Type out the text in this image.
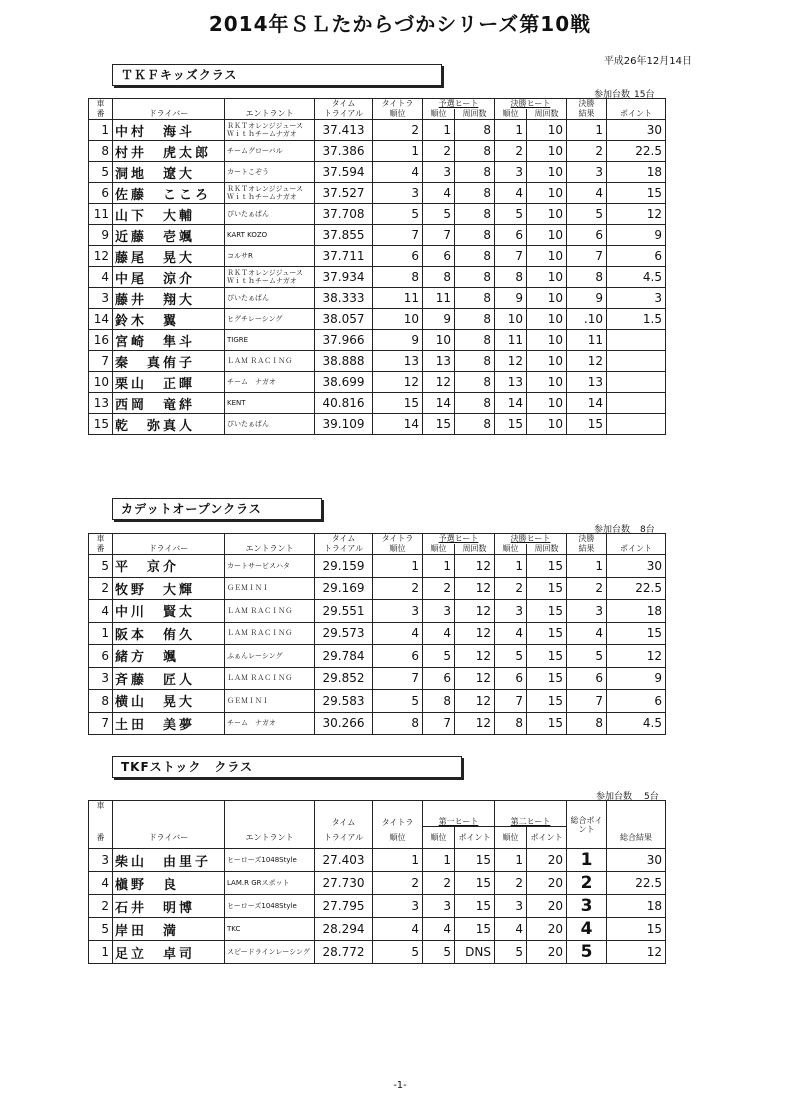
2014年ＳＬたからづかシリーズ第10戦
平成26年12月14日
ＴＫＦキッズクラス
参加台数 15台
車			タイム	タイトラ	予選ヒート		決勝ヒート		決勝	
番	ドライバー	エントラント	トライアル	順位	順位	周回数	順位	周回数	結果	ポイント
1	中村　海斗	ＲＫＴオレンジジュース Ｗｉｔｈチームナガオ	37.413	2	1	8	1	10	1	30
8	村井　虎太郎	チームグローバル	37.386	1	2	8	2	10	2	22.5
5	洞地　遼大	カートこぞう	37.594	4	3	8	3	10	3	18
6	佐藤　こころ	ＲＫＴオレンジジュース Ｗｉｔｈチームナガオ	37.527	3	4	8	4	10	4	15
11	山下　大輔	ぴいたぁぱん	37.708	5	5	8	5	10	5	12
9	近藤　壱颯	KART KOZO	37.855	7	7	8	6	10	6	9
12	藤尾　晃大	コルサR	37.711	6	6	8	7	10	7	6
4	中尾　涼介	ＲＫＴオレンジジュース Ｗｉｔｈチームナガオ	37.934	8	8	8	8	10	8	4.5
3	藤井　翔大	ぴいたぁぱん	38.333	11	11	8	9	10	9	3
14	鈴木　翼	ヒグチレーシング	38.057	10	9	8	10	10	.10	1.5
16	宮崎　隼斗	TIGRE	37.966	9	10	8	11	10	11	
7	秦　真侑子	ＬＡＭ ＲＡＣＩＮＧ	38.888	13	13	8	12	10	12	
10	栗山　正暉	チーム　ナガオ	38.699	12	12	8	13	10	13	
13	西岡　竜絆	KENT	40.816	15	14	8	14	10	14	
15	乾　弥真人	ぴいたぁぱん	39.109	14	15	8	15	10	15	
カデットオープンクラス
参加台数 8台
車			タイム	タイトラ	予選ヒート		決勝ヒート		決勝	
番	ドライバー	エントラント	トライアル	順位	順位	周回数	順位	周回数	結果	ポイント
5	平　京介	カートサービスハタ	29.159	1	1	12	1	15	1	30
2	牧野　大輝	ＧＥＭＩＮＩ	29.169	2	2	12	2	15	2	22.5
4	中川　賢太	ＬＡＭ ＲＡＣＩＮＧ	29.551	3	3	12	3	15	3	18
1	阪本　侑久	ＬＡＭ ＲＡＣＩＮＧ	29.573	4	4	12	4	15	4	15
6	緒方　颯	ふぁんレーシング	29.784	6	5	12	5	15	5	12
3	斉藤　匠人	ＬＡＭ ＲＡＣＩＮＧ	29.852	7	6	12	6	15	6	9
8	横山　晃大	ＧＥＭＩＮＩ	29.583	5	8	12	7	15	7	6
7	土田　美夢	チーム　ナガオ	30.266	8	7	12	8	15	8	4.5
TKFストック　クラス
参加台数 5台
車			タイム	タイトラ	第一ヒート		第二ヒート		総合ポイント	
番	ドライバー	エントラント	トライアル	順位	順位	ポイント	順位	ポイント		総合結果
3	柴山　由里子	ヒーローズ1048Style	27.403	1	1	15	1	20	1	30
4	槇野　良	LAM.R GRスポット	27.730	2	2	15	2	20	2	22.5
2	石井　明博	ヒーローズ1048Style	27.795	3	3	15	3	20	3	18
5	岸田　満	TKC	28.294	4	4	15	4	20	4	15
1	足立　卓司	スピードラインレーシング	28.772	5	5	DNS	5	20	5	12
-1-
